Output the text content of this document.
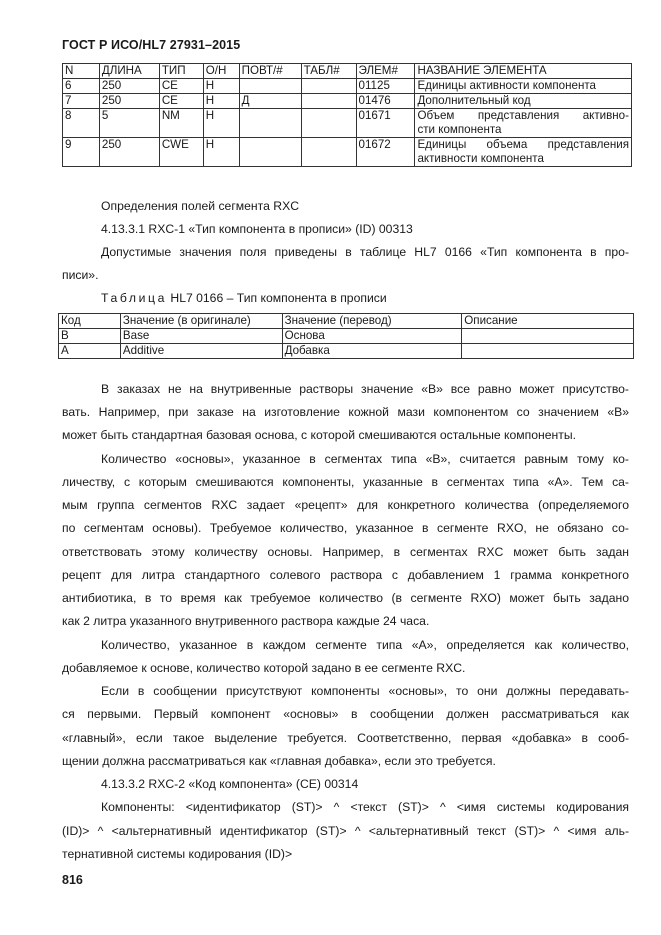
ГОСТ Р ИСО/HL7 27931–2015
N	ДЛИНА	ТИП	О/Н	ПОВТ/#	ТАБЛ#	ЭЛЕМ#	НАЗВАНИЕ ЭЛЕМЕНТА
6	250	CE	Н			01125	Единицы активности компонента
7	250	CE	Н	Д		01476	Дополнительный код
8	5	NM	Н			01671	Объем представления активно-
сти компонента

9	250	CWE	Н			01672	Единицы объема представления
активности компонента
Определения полей сегмента RXC
4.13.3.1 RXC-1 «Тип компонента в прописи» (ID) 00313
Допустимые значения поля приведены в таблице HL7 0166 «Тип компонента в про-
писи».
Таблица HL7 0166 – Тип компонента в прописи
Код	Значение (в оригинале)	Значение (перевод)	Описание
B	Base	Основа	
A	Additive	Добавка	
В заказах не на внутривенные растворы значение «B» все равно может присутство-
вать. Например, при заказе на изготовление кожной мази компонентом со значением «B»
может быть стандартная базовая основа, с которой смешиваются остальные компоненты.
Количество «основы», указанное в сегментах типа «B», считается равным тому ко-
личеству, с которым смешиваются компоненты, указанные в сегментах типа «A». Тем са-
мым группа сегментов RXC задает «рецепт» для конкретного количества (определяемого
по сегментам основы). Требуемое количество, указанное в сегменте RXO, не обязано со-
ответствовать этому количеству основы. Например, в сегментах RXC может быть задан
рецепт для литра стандартного солевого раствора с добавлением 1 грамма конкретного
антибиотика, в то время как требуемое количество (в сегменте RXO) может быть задано
как 2 литра указанного внутривенного раствора каждые 24 часа.
Количество, указанное в каждом сегменте типа «A», определяется как количество,
добавляемое к основе, количество которой задано в ее сегменте RXC.
Если в сообщении присутствуют компоненты «основы», то они должны передавать-
ся первыми. Первый компонент «основы» в сообщении должен рассматриваться как
«главный», если такое выделение требуется. Соответственно, первая «добавка» в сооб-
щении должна рассматриваться как «главная добавка», если это требуется.
4.13.3.2 RXC-2 «Код компонента» (CE) 00314
Компоненты: <идентификатор (ST)> ^ <текст (ST)> ^ <имя системы кодирования
(ID)> ^ <альтернативный идентификатор (ST)> ^ <альтернативный текст (ST)> ^ <имя аль-
тернативной системы кодирования (ID)>
816
